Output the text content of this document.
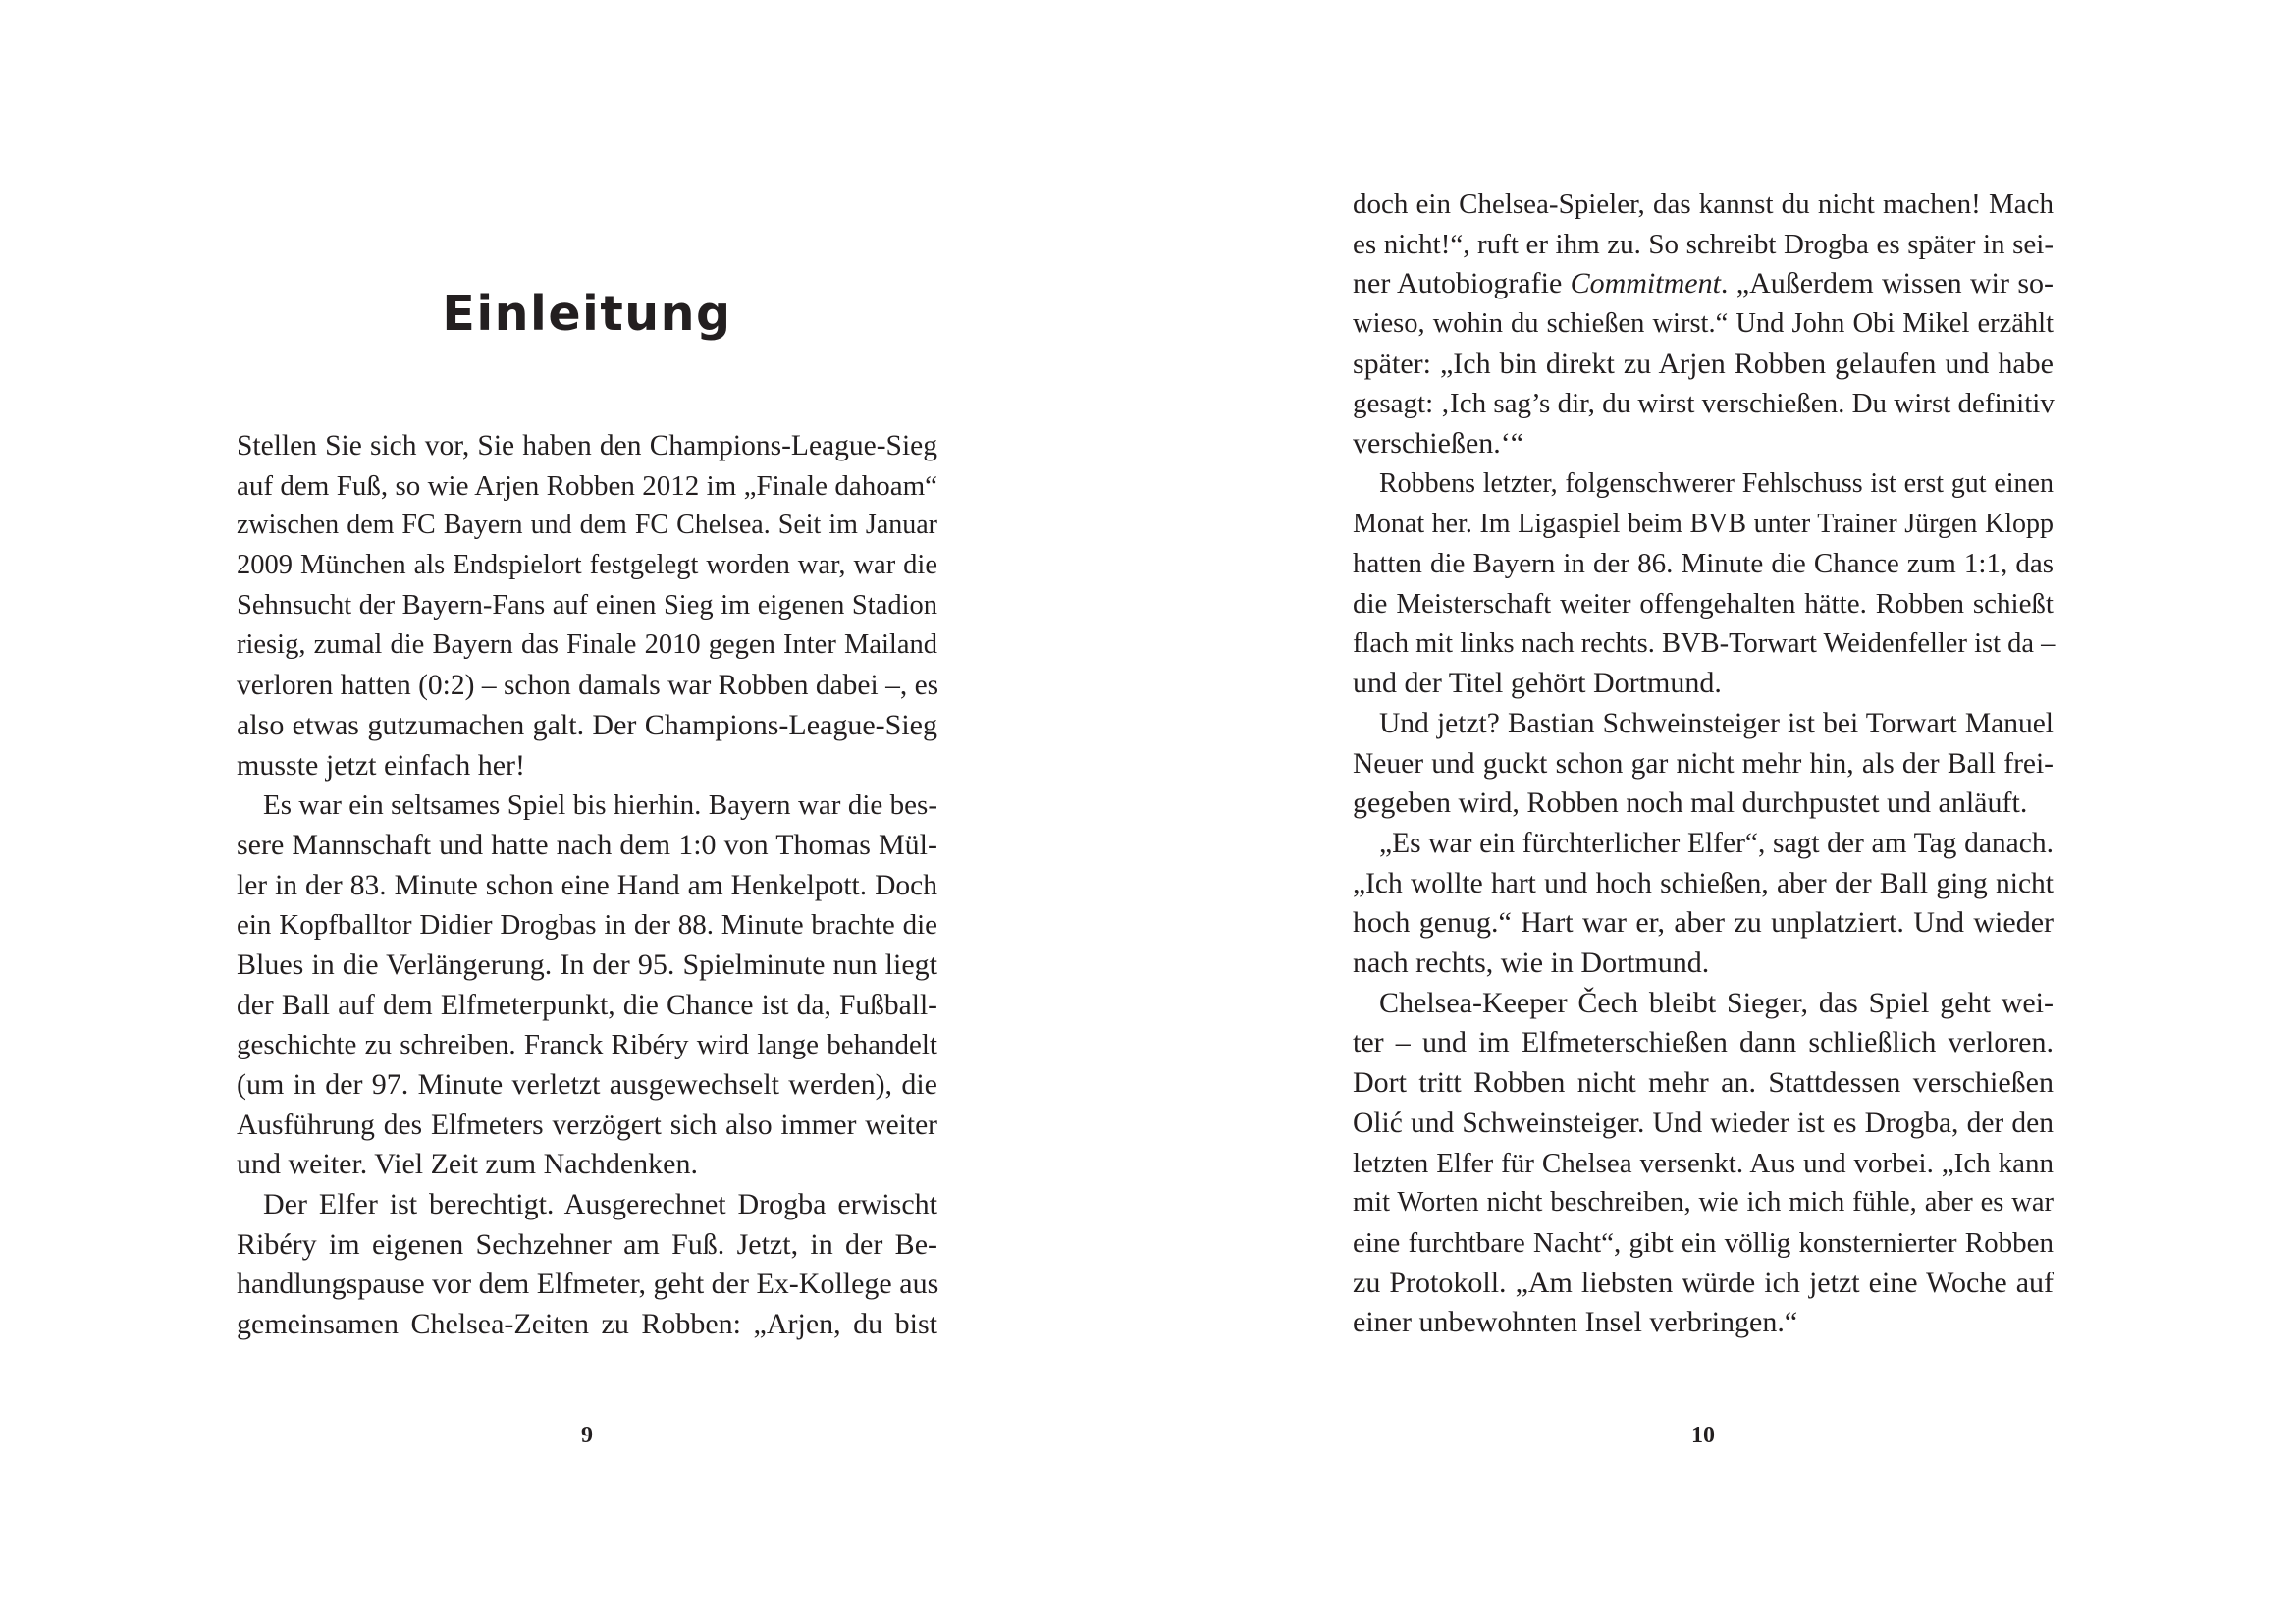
Einleitung
Stellen Sie sich vor, Sie haben den Champions-League-Sieg
auf dem Fuß, so wie Arjen Robben 2012 im „Finale dahoam“
zwischen dem FC Bayern und dem FC Chelsea. Seit im Januar
2009 München als Endspielort festgelegt worden war, war die
Sehnsucht der Bayern-Fans auf einen Sieg im eigenen Stadion
riesig, zumal die Bayern das Finale 2010 gegen Inter Mailand
verloren hatten (0:2) – schon damals war Robben dabei –, es
also etwas gutzumachen galt. Der Champions-League-Sieg
musste jetzt einfach her!
Es war ein seltsames Spiel bis hierhin. Bayern war die bes-
sere Mannschaft und hatte nach dem 1:0 von Thomas Mül-
ler in der 83. Minute schon eine Hand am Henkelpott. Doch
ein Kopfballtor Didier Drogbas in der 88. Minute brachte die
Blues in die Verlängerung. In der 95. Spielminute nun liegt
der Ball auf dem Elfmeterpunkt, die Chance ist da, Fußball-
geschichte zu schreiben. Franck Ribéry wird lange behandelt
(um in der 97. Minute verletzt ausgewechselt werden), die
Ausführung des Elfmeters verzögert sich also immer weiter
und weiter. Viel Zeit zum Nachdenken.
Der Elfer ist berechtigt. Ausgerechnet Drogba erwischt
Ribéry im eigenen Sechzehner am Fuß. Jetzt, in der Be-
handlungspause vor dem Elfmeter, geht der Ex-Kollege aus
gemeinsamen Chelsea-Zeiten zu Robben: „Arjen, du bist
9
doch ein Chelsea-Spieler, das kannst du nicht machen! Mach
es nicht!“, ruft er ihm zu. So schreibt Drogba es später in sei-
ner Autobiografie Commitment. „Außerdem wissen wir so-
wieso, wohin du schießen wirst.“ Und John Obi Mikel erzählt
später: „Ich bin direkt zu Arjen Robben gelaufen und habe
gesagt: ‚Ich sag’s dir, du wirst verschießen. Du wirst definitiv
verschießen.‘“
Robbens letzter, folgenschwerer Fehlschuss ist erst gut einen
Monat her. Im Ligaspiel beim BVB unter Trainer Jürgen Klopp
hatten die Bayern in der 86. Minute die Chance zum 1:1, das
die Meisterschaft weiter offengehalten hätte. Robben schießt
flach mit links nach rechts. BVB-Torwart Weidenfeller ist da –
und der Titel gehört Dortmund.
Und jetzt? Bastian Schweinsteiger ist bei Torwart Manuel
Neuer und guckt schon gar nicht mehr hin, als der Ball frei-
gegeben wird, Robben noch mal durchpustet und anläuft.
„Es war ein fürchterlicher Elfer“, sagt der am Tag danach.
„Ich wollte hart und hoch schießen, aber der Ball ging nicht
hoch genug.“ Hart war er, aber zu unplatziert. Und wieder
nach rechts, wie in Dortmund.
Chelsea-Keeper Čech bleibt Sieger, das Spiel geht wei-
ter – und im Elfmeterschießen dann schließlich verloren.
Dort tritt Robben nicht mehr an. Stattdessen verschießen
Olić und Schweinsteiger. Und wieder ist es Drogba, der den
letzten Elfer für Chelsea versenkt. Aus und vorbei. „Ich kann
mit Worten nicht beschreiben, wie ich mich fühle, aber es war
eine furchtbare Nacht“, gibt ein völlig konsternierter Robben
zu Protokoll. „Am liebsten würde ich jetzt eine Woche auf
einer unbewohnten Insel verbringen.“
10
